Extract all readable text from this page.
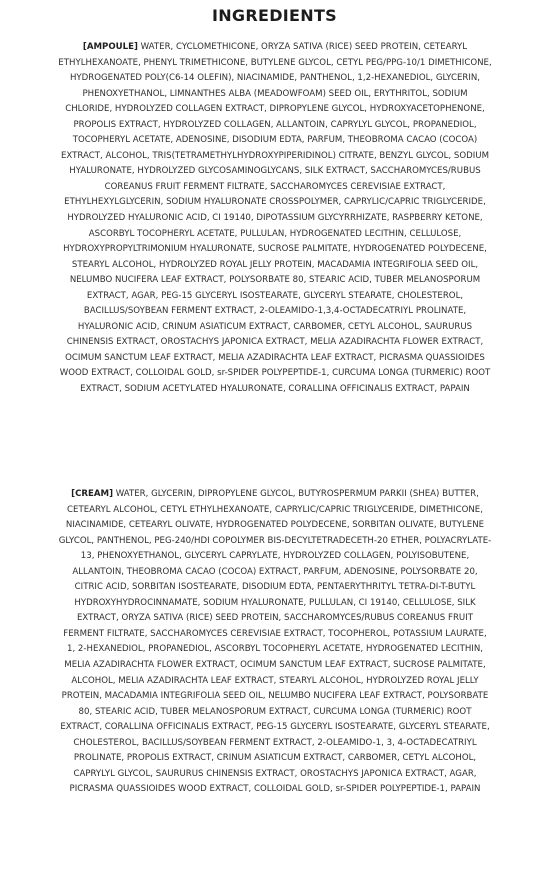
INGREDIENTS

[AMPOULE] WATER, CYCLOMETHICONE, ORYZA SATIVA (RICE) SEED PROTEIN, CETEARYL ETHYLHEXANOATE, PHENYL TRIMETHICONE, BUTYLENE GLYCOL, CETYL PEG/PPG-10/1 DIMETHICONE, HYDROGENATED POLY(C6-14 OLEFIN), NIACINAMIDE, PANTHENOL, 1,2-HEXANEDIOL, GLYCERIN, PHENOXYETHANOL, LIMNANTHES ALBA (MEADOWFOAM) SEED OIL, ERYTHRITOL, SODIUM CHLORIDE, HYDROLYZED COLLAGEN EXTRACT, DIPROPYLENE GLYCOL, HYDROXYACETOPHENONE, PROPOLIS EXTRACT, HYDROLYZED COLLAGEN, ALLANTOIN, CAPRYLYL GLYCOL, PROPANEDIOL, TOCOPHERYL ACETATE, ADENOSINE, DISODIUM EDTA, PARFUM, THEOBROMA CACAO (COCOA) EXTRACT, ALCOHOL, TRIS(TETRAMETHYLHYDROXYPIPERIDINOL) CITRATE, BENZYL GLYCOL, SODIUM HYALURONATE, HYDROLYZED GLYCOSAMINOGLYCANS, SILK EXTRACT, SACCHAROMYCES/RUBUS COREANUS FRUIT FERMENT FILTRATE, SACCHAROMYCES CEREVISIAE EXTRACT, ETHYLHEXYLGLYCERIN, SODIUM HYALURONATE CROSSPOLYMER, CAPRYLIC/CAPRIC TRIGLYCERIDE, HYDROLYZED HYALURONIC ACID, CI 19140, DIPOTASSIUM GLYCYRRHIZATE, RASPBERRY KETONE, ASCORBYL TOCOPHERYL ACETATE, PULLULAN, HYDROGENATED LECITHIN, CELLULOSE, HYDROXYPROPYLTRIMONIUM HYALURONATE, SUCROSE PALMITATE, HYDROGENATED POLYDECENE, STEARYL ALCOHOL, HYDROLYZED ROYAL JELLY PROTEIN, MACADAMIA INTEGRIFOLIA SEED OIL, NELUMBO NUCIFERA LEAF EXTRACT, POLYSORBATE 80, STEARIC ACID, TUBER MELANOSPORUM EXTRACT, AGAR, PEG-15 GLYCERYL ISOSTEARATE, GLYCERYL STEARATE, CHOLESTEROL, BACILLUS/SOYBEAN FERMENT EXTRACT, 2-OLEAMIDO-1,3,4-OCTADECATRIYL PROLINATE, HYALURONIC ACID, CRINUM ASIATICUM EXTRACT, CARBOMER, CETYL ALCOHOL, SAURURUS CHINENSIS EXTRACT, OROSTACHYS JAPONICA EXTRACT, MELIA AZADIRACHTA FLOWER EXTRACT, OCIMUM SANCTUM LEAF EXTRACT, MELIA AZADIRACHTA LEAF EXTRACT, PICRASMA QUASSIOIDES WOOD EXTRACT, COLLOIDAL GOLD, sr-SPIDER POLYPEPTIDE-1, CURCUMA LONGA (TURMERIC) ROOT EXTRACT, SODIUM ACETYLATED HYALURONATE, CORALLINA OFFICINALIS EXTRACT, PAPAIN

[CREAM] WATER, GLYCERIN, DIPROPYLENE GLYCOL, BUTYROSPERMUM PARKII (SHEA) BUTTER, CETEARYL ALCOHOL, CETYL ETHYLHEXANOATE, CAPRYLIC/CAPRIC TRIGLYCERIDE, DIMETHICONE, NIACINAMIDE, CETEARYL OLIVATE, HYDROGENATED POLYDECENE, SORBITAN OLIVATE, BUTYLENE GLYCOL, PANTHENOL, PEG-240/HDI COPOLYMER BIS-DECYLTETRADECETH-20 ETHER, POLYACRYLATE-13, PHENOXYETHANOL, GLYCERYL CAPRYLATE, HYDROLYZED COLLAGEN, POLYISOBUTENE, ALLANTOIN, THEOBROMA CACAO (COCOA) EXTRACT, PARFUM, ADENOSINE, POLYSORBATE 20, CITRIC ACID, SORBITAN ISOSTEARATE, DISODIUM EDTA, PENTAERYTHRITYL TETRA-DI-T-BUTYL HYDROXYHYDROCINNAMATE, SODIUM HYALURONATE, PULLULAN, CI 19140, CELLULOSE, SILK EXTRACT, ORYZA SATIVA (RICE) SEED PROTEIN, SACCHAROMYCES/RUBUS COREANUS FRUIT FERMENT FILTRATE, SACCHAROMYCES CEREVISIAE EXTRACT, TOCOPHEROL, POTASSIUM LAURATE, 1, 2-HEXANEDIOL, PROPANEDIOL, ASCORBYL TOCOPHERYL ACETATE, HYDROGENATED LECITHIN, MELIA AZADIRACHTA FLOWER EXTRACT, OCIMUM SANCTUM LEAF EXTRACT, SUCROSE PALMITATE, ALCOHOL, MELIA AZADIRACHTA LEAF EXTRACT, STEARYL ALCOHOL, HYDROLYZED ROYAL JELLY PROTEIN, MACADAMIA INTEGRIFOLIA SEED OIL, NELUMBO NUCIFERA LEAF EXTRACT, POLYSORBATE 80, STEARIC ACID, TUBER MELANOSPORUM EXTRACT, CURCUMA LONGA (TURMERIC) ROOT EXTRACT, CORALLINA OFFICINALIS EXTRACT, PEG-15 GLYCERYL ISOSTEARATE, GLYCERYL STEARATE, CHOLESTEROL, BACILLUS/SOYBEAN FERMENT EXTRACT, 2-OLEAMIDO-1, 3, 4-OCTADECATRIYL PROLINATE, PROPOLIS EXTRACT, CRINUM ASIATICUM EXTRACT, CARBOMER, CETYL ALCOHOL, CAPRYLYL GLYCOL, SAURURUS CHINENSIS EXTRACT, OROSTACHYS JAPONICA EXTRACT, AGAR, PICRASMA QUASSIOIDES WOOD EXTRACT, COLLOIDAL GOLD, sr-SPIDER POLYPEPTIDE-1, PAPAIN
